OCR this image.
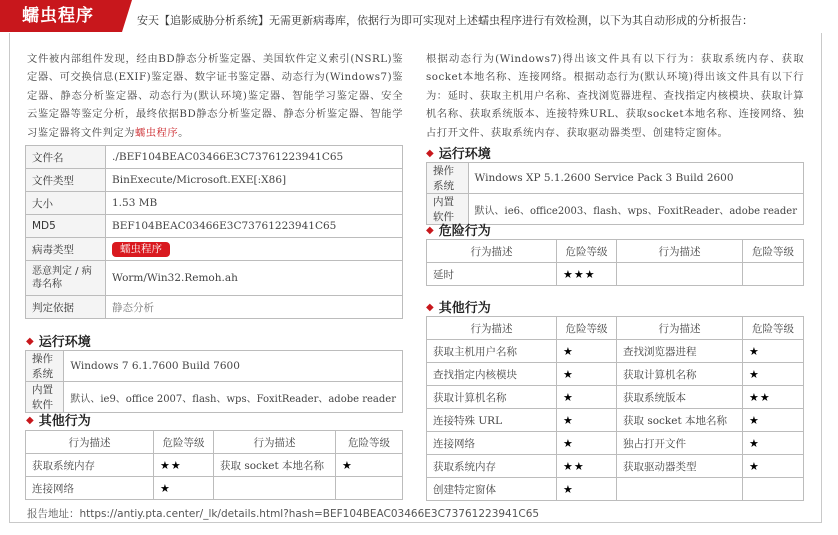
蠕虫程序	安天【追影威胁分析系统】无需更新病毒库，依据行为即可实现对上述蠕虫程序进行有效检测，以下为其自动形成的分析报告：
文件被内部组件发现，经由BD静态分析鉴定器、美国软件定义索引(NSRL)鉴定器、可交换信息(EXIF)鉴定器、数字证书鉴定器、动态行为(Windows7)鉴定器、静态分析鉴定器、动态行为(默认环境)鉴定器、智能学习鉴定器、安全云鉴定器等鉴定分析，最终依据BD静态分析鉴定器、静态分析鉴定器、智能学习鉴定器将文件判定为蠕虫程序。
文件名	./BEF104BEAC03466E3C73761223941C65
文件类型	BinExecute/Microsoft.EXE[:X86]
大小	1.53 MB
MD5	BEF104BEAC03466E3C73761223941C65
病毒类型	蠕虫程序
恶意判定 / 病毒名称	Worm/Win32.Remoh.ah
判定依据	静态分析
◆ 运行环境
操作系统	Windows 7 6.1.7600 Build 7600
内置软件	默认、ie9、office 2007、flash、wps、FoxitReader、adobe reader
◆ 其他行为
行为描述	危险等级	行为描述	危险等级
获取系统内存	★★	获取 socket 本地名称	★
连接网络	★		
根据动态行为(Windows7)得出该文件具有以下行为：获取系统内存、获取socket本地名称、连接网络。根据动态行为(默认环境)得出该文件具有以下行为：延时、获取主机用户名称、查找浏览器进程、查找指定内核模块、获取计算机名称、获取系统版本、连接特殊URL、获取socket本地名称、连接网络、独占打开文件、获取系统内存、获取驱动器类型、创建特定窗体。
◆ 运行环境
操作系统	Windows XP 5.1.2600 Service Pack 3 Build 2600
内置软件	默认、ie6、office2003、flash、wps、FoxitReader、adobe reader
◆ 危险行为
行为描述	危险等级	行为描述	危险等级
延时	★★★		
◆ 其他行为
行为描述	危险等级	行为描述	危险等级
获取主机用户名称	★	查找浏览器进程	★
查找指定内核模块	★	获取计算机名称	★
获取计算机名称	★	获取系统版本	★★
连接特殊 URL	★	获取 socket 本地名称	★
连接网络	★	独占打开文件	★
获取系统内存	★★	获取驱动器类型	★
创建特定窗体	★		
报告地址：https://antiy.pta.center/_lk/details.html?hash=BEF104BEAC03466E3C73761223941C65
